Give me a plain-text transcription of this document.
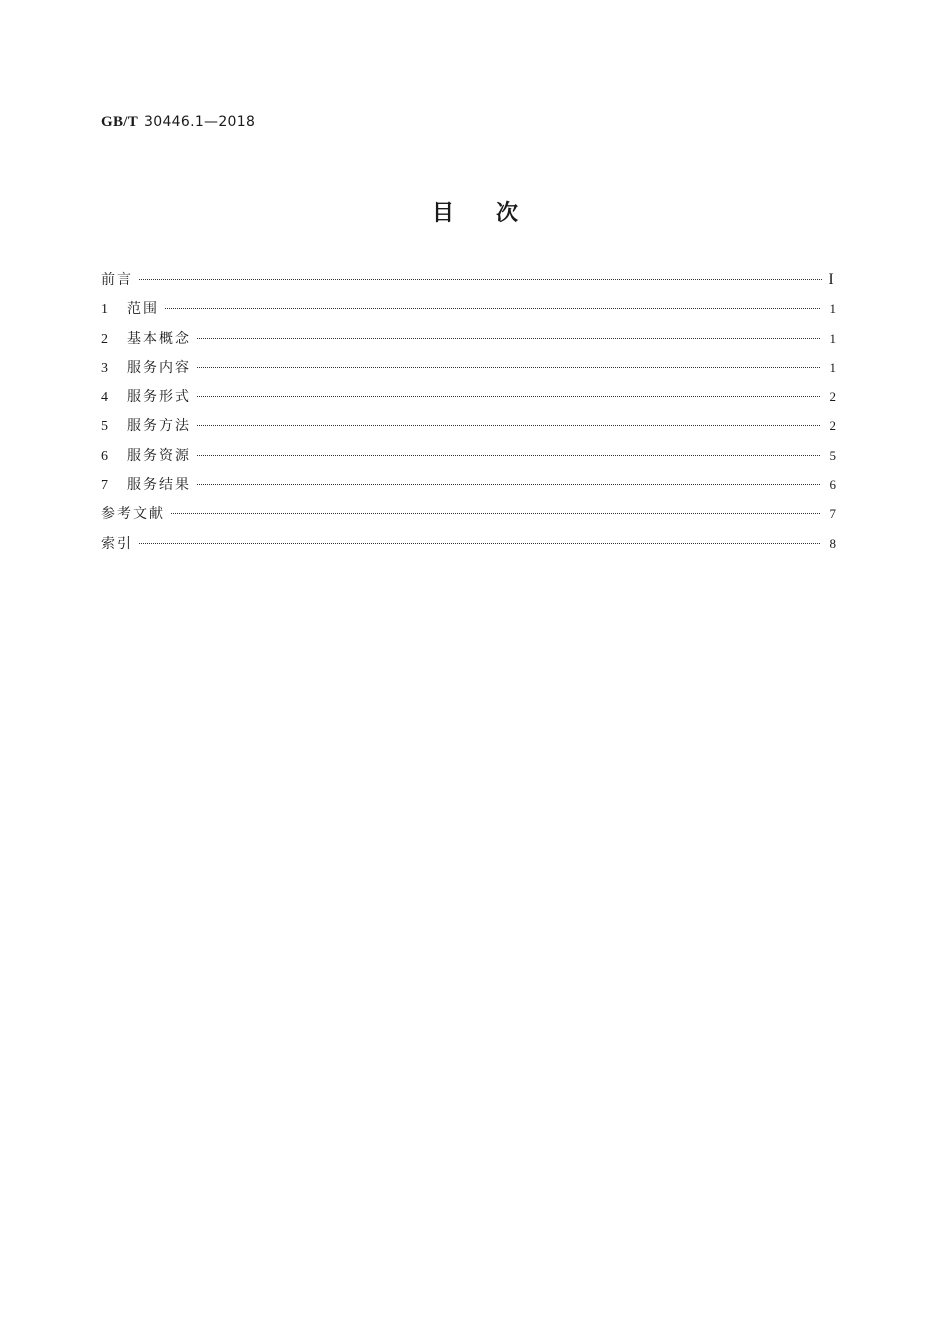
GB/T 30446.1—2018
目次
前言	I
1	范围	1
2	基本概念	1
3	服务内容	1
4	服务形式	2
5	服务方法	2
6	服务资源	5
7	服务结果	6
参考文献	7
索引	8
